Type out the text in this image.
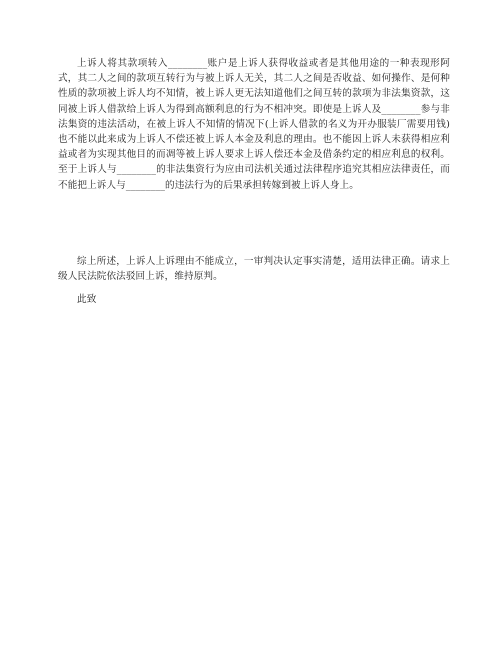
上诉人将其款项转入________账户是上诉人获得收益或者是其他用途的一种表现形阿式，其二人之间的款项互转行为与被上诉人无关，其二人之间是否收益、如何操作、是何种性质的款项被上诉人均不知情，被上诉人更无法知道他们之间互转的款项为非法集资款，这同被上诉人借款给上诉人为得到高额利息的行为不相冲突。即使是上诉人及________参与非法集资的违法活动，在被上诉人不知情的情况下(上诉人借款的名义为开办服装厂需要用钱)也不能以此来成为上诉人不偿还被上诉人本金及利息的理由。也不能因上诉人未获得相应利益或者为实现其他目的而凋等被上诉人要求上诉人偿还本金及借条约定的相应利息的权利。至于上诉人与________的非法集资行为应由司法机关通过法律程序追究其相应法律责任，而不能把上诉人与________的违法行为的后果承担转嫁到被上诉人身上。

综上所述，上诉人上诉理由不能成立，一审判决认定事实清楚，适用法律正确。请求上级人民法院依法驳回上诉，维持原判。

此致
